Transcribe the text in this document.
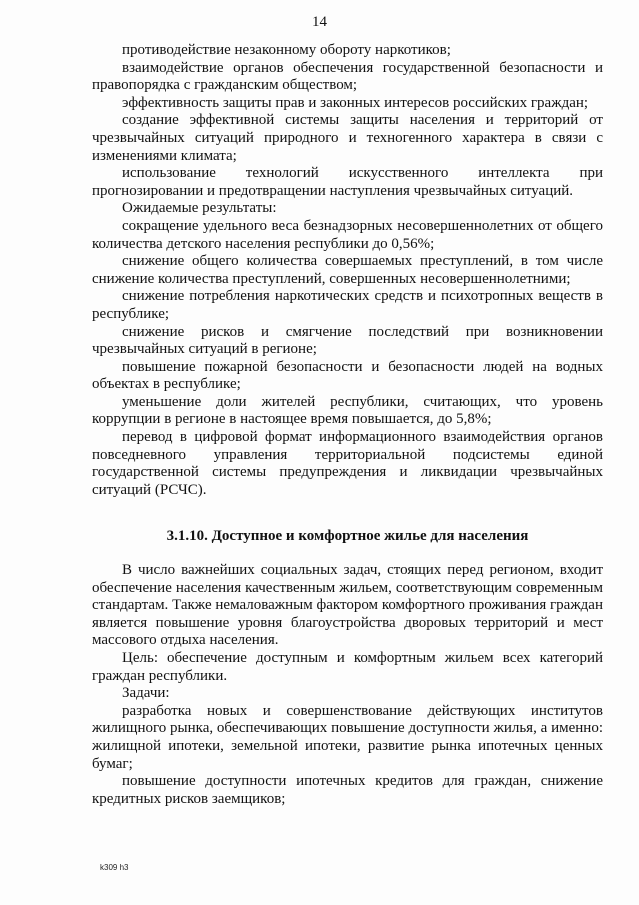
14

противодействие незаконному обороту наркотиков;

взаимодействие органов обеспечения государственной безопасности и правопорядка с гражданским обществом;

эффективность защиты прав и законных интересов российских граждан;

создание эффективной системы защиты населения и территорий от чрезвычайных ситуаций природного и техногенного характера в связи с изменениями климата;

использование технологий искусственного интеллекта при прогнозировании и предотвращении наступления чрезвычайных ситуаций.

Ожидаемые результаты:

сокращение удельного веса безнадзорных несовершеннолетних от общего количества детского населения республики до 0,56%;

снижение общего количества совершаемых преступлений, в том числе снижение количества преступлений, совершенных несовершеннолетними;

снижение потребления наркотических средств и психотропных веществ в республике;

снижение рисков и смягчение последствий при возникновении чрезвычайных ситуаций в регионе;

повышение пожарной безопасности и безопасности людей на водных объектах в республике;

уменьшение доли жителей республики, считающих, что уровень коррупции в регионе в настоящее время повышается, до 5,8%;

перевод в цифровой формат информационного взаимодействия органов повседневного управления территориальной подсистемы единой государственной системы предупреждения и ликвидации чрезвычайных ситуаций (РСЧС).

3.1.10. Доступное и комфортное жилье для населения

В число важнейших социальных задач, стоящих перед регионом, входит обеспечение населения качественным жильем, соответствующим современным стандартам. Также немаловажным фактором комфортного проживания граждан является повышение уровня благоустройства дворовых территорий и мест массового отдыха населения.

Цель: обеспечение доступным и комфортным жильем всех категорий граждан республики.

Задачи:

разработка новых и совершенствование действующих институтов жилищного рынка, обеспечивающих повышение доступности жилья, а именно: жилищной ипотеки, земельной ипотеки, развитие рынка ипотечных ценных бумаг;

повышение доступности ипотечных кредитов для граждан, снижение кредитных рисков заемщиков;

k309 h3
